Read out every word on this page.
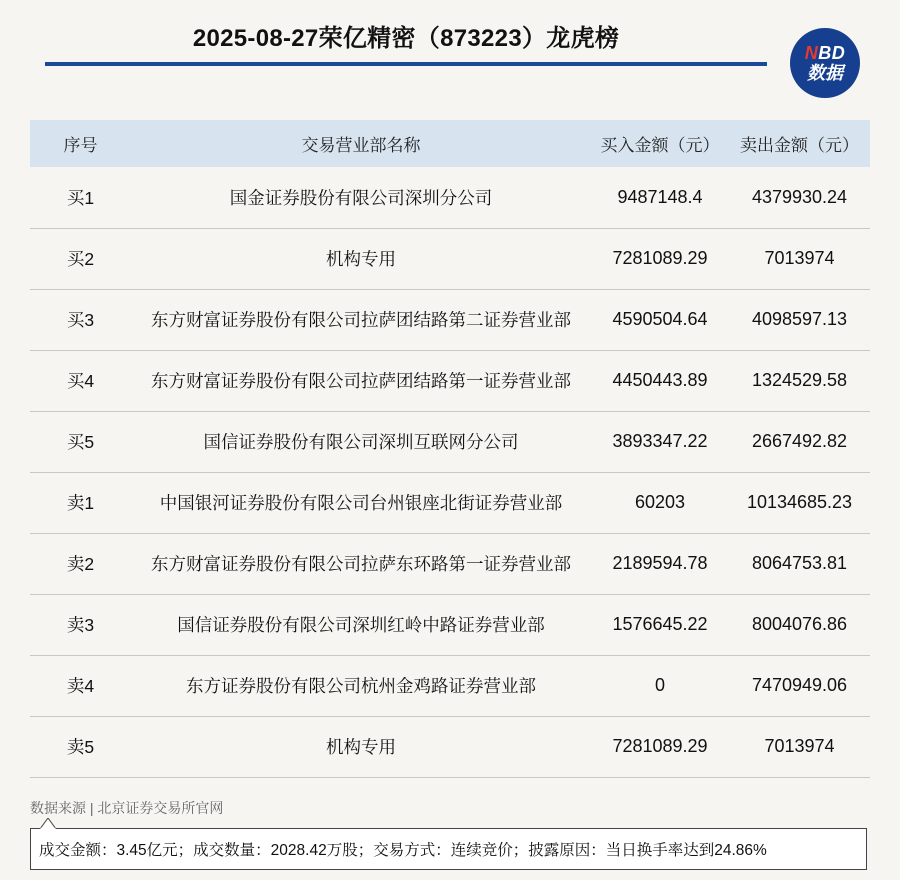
2025-08-27荣亿精密（873223）龙虎榜
NBD
数据
序号	交易营业部名称	买入金额（元）	卖出金额（元）
买1	国金证券股份有限公司深圳分公司	9487148.4	4379930.24
买2	机构专用	7281089.29	7013974
买3	东方财富证券股份有限公司拉萨团结路第二证券营业部	4590504.64	4098597.13
买4	东方财富证券股份有限公司拉萨团结路第一证券营业部	4450443.89	1324529.58
买5	国信证券股份有限公司深圳互联网分公司	3893347.22	2667492.82
卖1	中国银河证券股份有限公司台州银座北街证券营业部	60203	10134685.23
卖2	东方财富证券股份有限公司拉萨东环路第一证券营业部	2189594.78	8064753.81
卖3	国信证券股份有限公司深圳红岭中路证券营业部	1576645.22	8004076.86
卖4	东方证券股份有限公司杭州金鸡路证券营业部	0	7470949.06
卖5	机构专用	7281089.29	7013974
数据来源 | 北京证券交易所官网
成交金额：3.45亿元；成交数量：2028.42万股；交易方式：连续竞价；披露原因：当日换手率达到24.86%
